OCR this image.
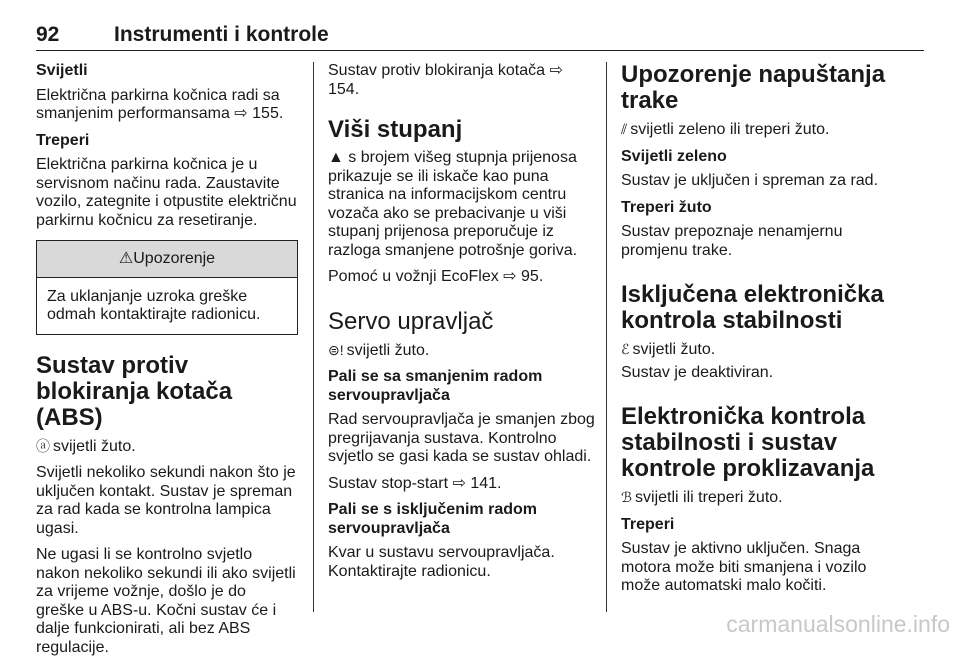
92	Instrumenti i kontrole
Svijetli

Električna parkirna kočnica radi sa smanjenim performansama ⇨ 155.

Treperi

Električna parkirna kočnica je u servisnom načinu rada. Zaustavite vozilo, zategnite i otpustite električnu parkirnu kočnicu za resetiranje.

⚠Upozorenje
Za uklanjanje uzroka greške odmah kontaktirajte radionicu.
Sustav protiv blokiranja kotača (ABS)

ⓐ svijetli žuto.

Svijetli nekoliko sekundi nakon što je uključen kontakt. Sustav je spreman za rad kada se kontrolna lampica ugasi.

Ne ugasi li se kontrolno svjetlo nakon nekoliko sekundi ili ako svijetli za vrijeme vožnje, došlo je do greške u ABS-u. Kočni sustav će i dalje funkcionirati, ali bez ABS regulacije.

Sustav protiv blokiranja kotača ⇨ 154.

Viši stupanj

▲ s brojem višeg stupnja prijenosa prikazuje se ili iskače kao puna stranica na informacijskom centru vozača ako se prebacivanje u viši stupanj prijenosa preporučuje iz razloga smanjene potrošnje goriva.

Pomoć u vožnji EcoFlex ⇨ 95.

Servo upravljač

⊜! svijetli žuto.

Pali se sa smanjenim radom servoupravljača

Rad servoupravljača je smanjen zbog pregrijavanja sustava. Kontrolno svjetlo se gasi kada se sustav ohladi.

Sustav stop-start ⇨ 141.

Pali se s isključenim radom servoupravljača

Kvar u sustavu servoupravljača. Kontaktirajte radionicu.

Upozorenje napuštanja trake

⫽ svijetli zeleno ili treperi žuto.

Svijetli zeleno

Sustav je uključen i spreman za rad.

Treperi žuto

Sustav prepoznaje nenamjernu promjenu trake.

Isključena elektronička kontrola stabilnosti

ℰ svijetli žuto.

Sustav je deaktiviran.

Elektronička kontrola stabilnosti i sustav kontrole proklizavanja

ℬ svijetli ili treperi žuto.

Treperi

Sustav je aktivno uključen. Snaga motora može biti smanjena i vozilo može automatski malo kočiti.

carmanualsonline.info
